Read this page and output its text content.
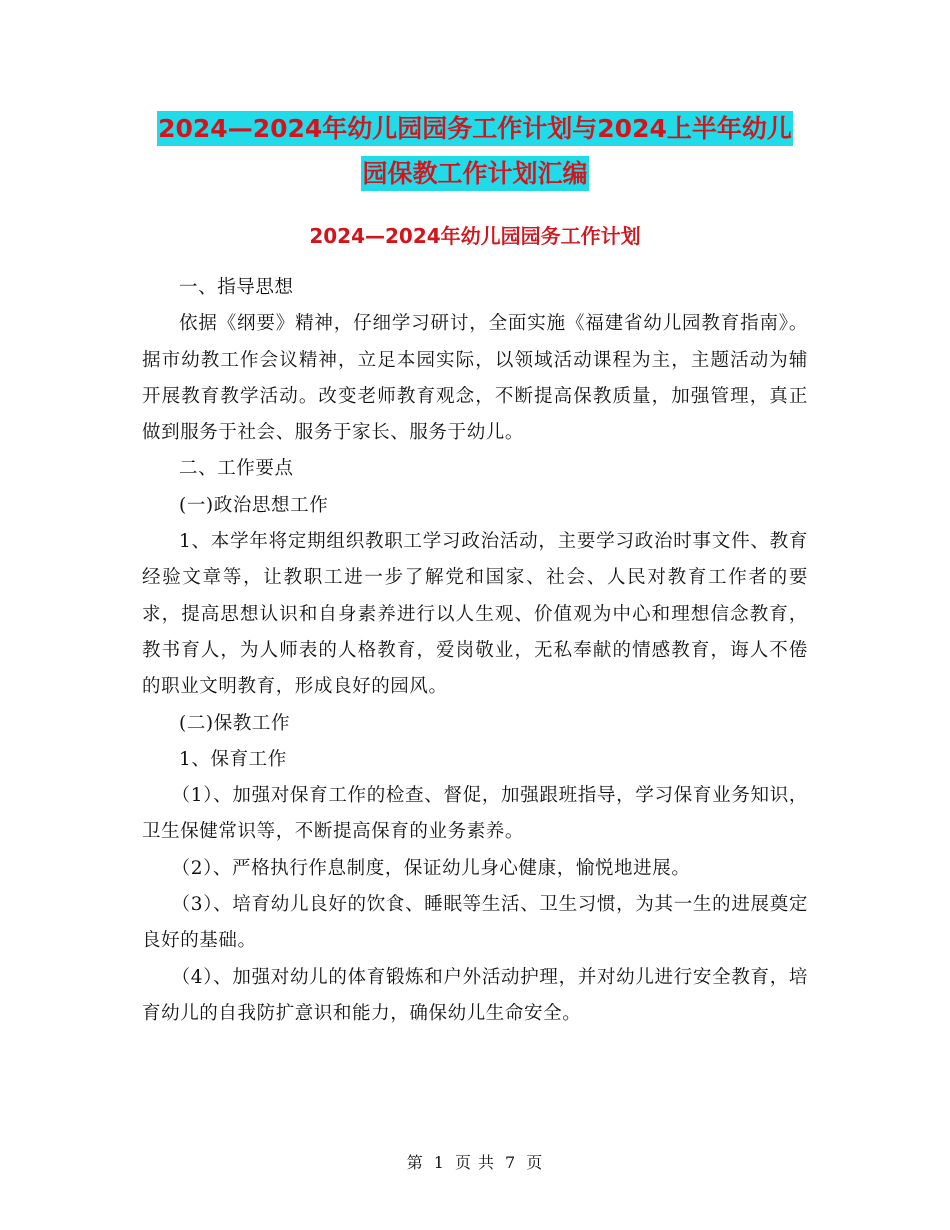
2024—2024年幼儿园园务工作计划与2024上半年幼儿
园保教工作计划汇编
2024—2024年幼儿园园务工作计划

一、指导思想

依据《纲要》精神，仔细学习研讨，全面实施《福建省幼儿园教育指南》。据市幼教工作会议精神，立足本园实际，以领域活动课程为主，主题活动为辅开展教育教学活动。改变老师教育观念，不断提高保教质量，加强管理，真正做到服务于社会、服务于家长、服务于幼儿。

二、工作要点

(一)政治思想工作

1、本学年将定期组织教职工学习政治活动，主要学习政治时事文件、教育经验文章等，让教职工进一步了解党和国家、社会、人民对教育工作者的要求，提高思想认识和自身素养进行以人生观、价值观为中心和理想信念教育，教书育人，为人师表的人格教育，爱岗敬业，无私奉献的情感教育，诲人不倦的职业文明教育，形成良好的园风。

(二)保教工作

1、保育工作

（1）、加强对保育工作的检查、督促，加强跟班指导，学习保育业务知识，卫生保健常识等，不断提高保育的业务素养。

（2）、严格执行作息制度，保证幼儿身心健康，愉悦地进展。

（3）、培育幼儿良好的饮食、睡眠等生活、卫生习惯，为其一生的进展奠定良好的基础。

（4）、加强对幼儿的体育锻炼和户外活动护理，并对幼儿进行安全教育，培育幼儿的自我防扩意识和能力，确保幼儿生命安全。

第 1 页 共 7 页
